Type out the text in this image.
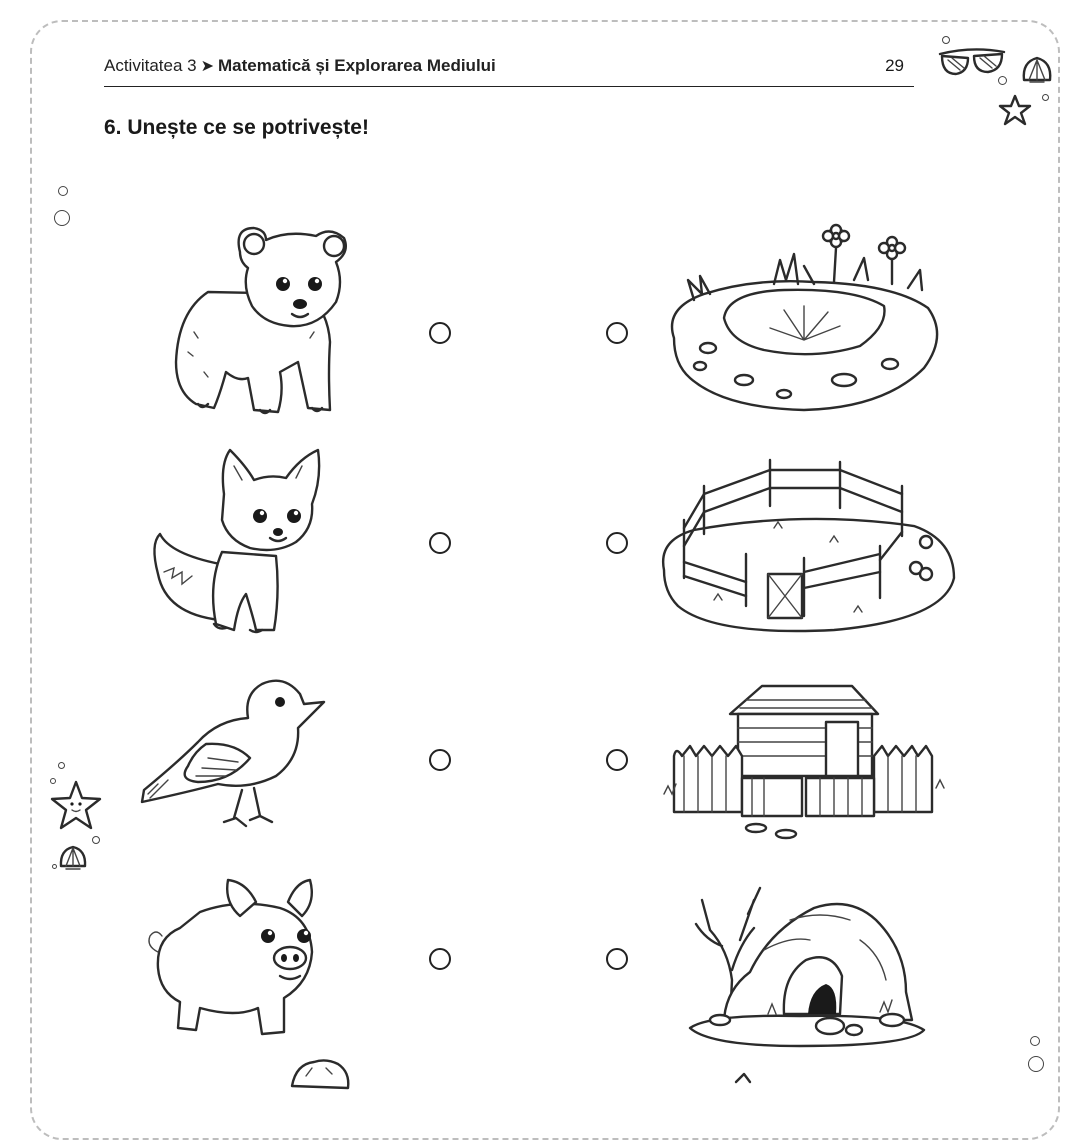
Activitatea 3 ➤ Matematică și Explorarea Mediului	29
6. Unește ce se potrivește!
